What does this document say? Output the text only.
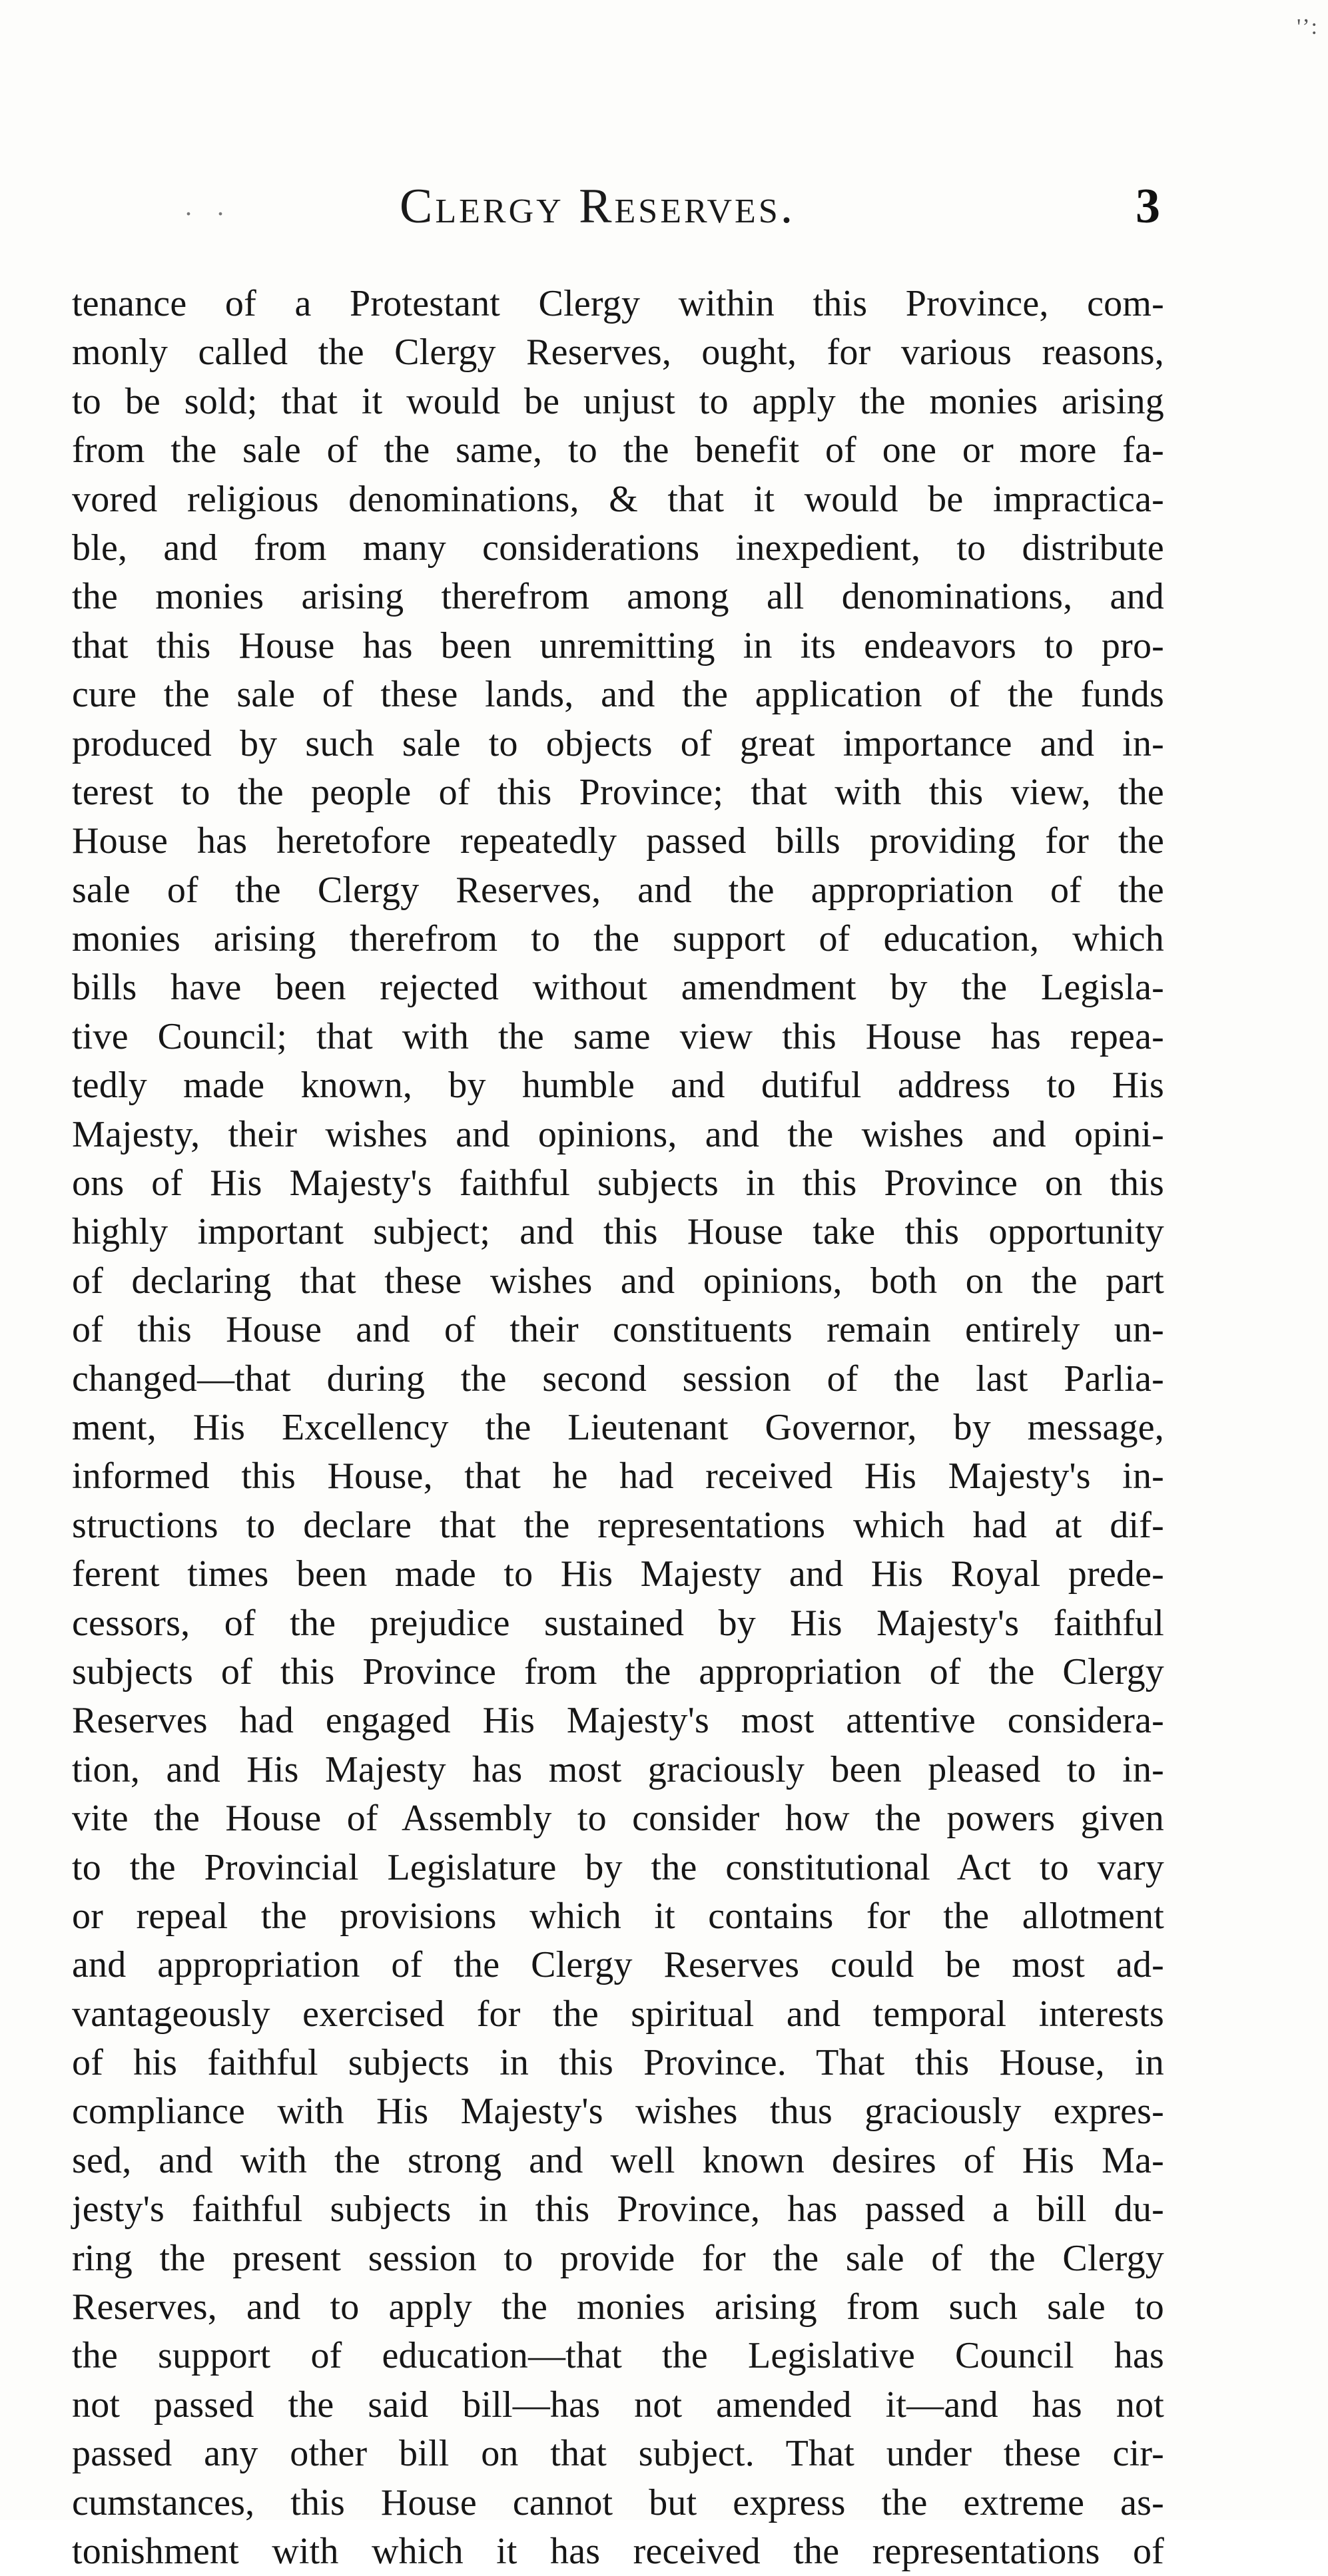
'’:
. .	Clergy Reserves.	3
tenance of a Protestant Clergy within this Province, com-
monly called the Clergy Reserves, ought, for various reasons,
to be sold; that it would be unjust to apply the monies arising
from the sale of the same, to the benefit of one or more fa-
vored religious denominations, & that it would be impractica-
ble, and from many considerations inexpedient, to distribute
the monies arising therefrom among all denominations, and
that this House has been unremitting in its endeavors to pro-
cure the sale of these lands, and the application of the funds
produced by such sale to objects of great importance and in-
terest to the people of this Province; that with this view, the
House has heretofore repeatedly passed bills providing for the
sale of the Clergy Reserves, and the appropriation of the
monies arising therefrom to the support of education, which
bills have been rejected without amendment by the Legisla-
tive Council; that with the same view this House has repea-
tedly made known, by humble and dutiful address to His
Majesty, their wishes and opinions, and the wishes and opini-
ons of His Majesty's faithful subjects in this Province on this
highly important subject; and this House take this opportunity
of declaring that these wishes and opinions, both on the part
of this House and of their constituents remain entirely un-
changed—that during the second session of the last Parlia-
ment, His Excellency the Lieutenant Governor, by message,
informed this House, that he had received His Majesty's in-
structions to declare that the representations which had at dif-
ferent times been made to His Majesty and His Royal prede-
cessors, of the prejudice sustained by His Majesty's faithful
subjects of this Province from the appropriation of the Clergy
Reserves had engaged His Majesty's most attentive considera-
tion, and His Majesty has most graciously been pleased to in-
vite the House of Assembly to consider how the powers given
to the Provincial Legislature by the constitutional Act to vary
or repeal the provisions which it contains for the allotment
and appropriation of the Clergy Reserves could be most ad-
vantageously exercised for the spiritual and temporal interests
of his faithful subjects in this Province. That this House, in
compliance with His Majesty's wishes thus graciously expres-
sed, and with the strong and well known desires of His Ma-
jesty's faithful subjects in this Province, has passed a bill du-
ring the present session to provide for the sale of the Clergy
Reserves, and to apply the monies arising from such sale to
the support of education—that the Legislative Council has
not passed the said bill—has not amended it—and has not
passed any other bill on that subject. That under these cir-
cumstances, this House cannot but express the extreme as-
tonishment with which it has received the representations of
